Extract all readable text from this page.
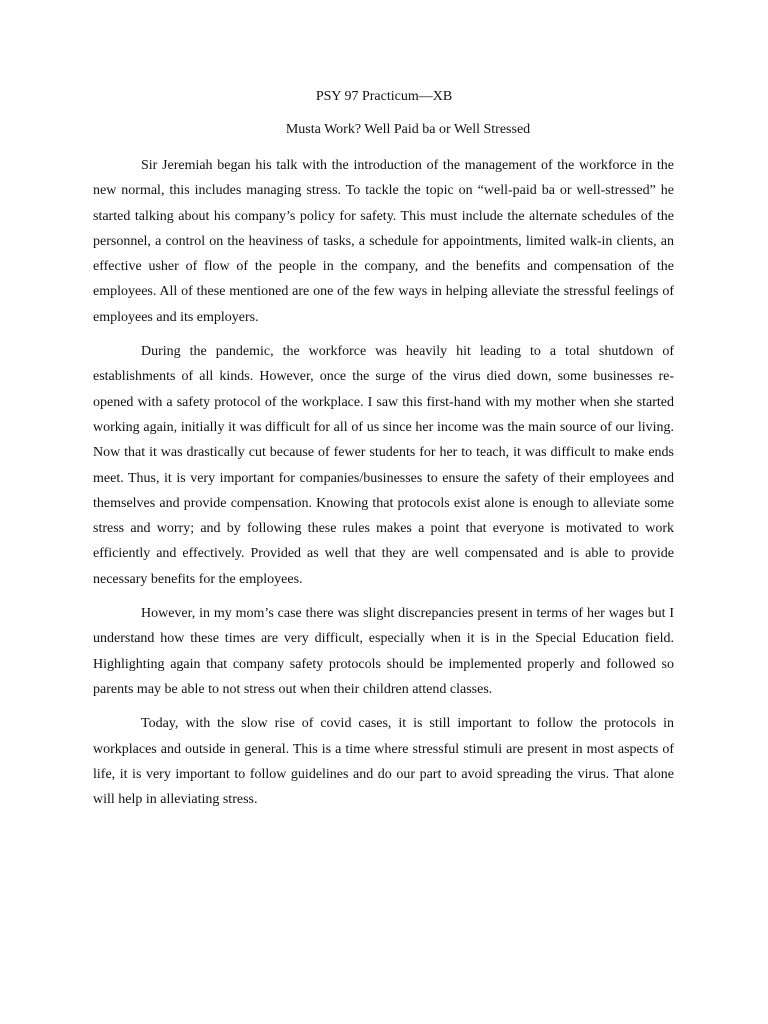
PSY 97 Practicum—XB
Musta Work? Well Paid ba or Well Stressed

Sir Jeremiah began his talk with the introduction of the management of the workforce in the new normal, this includes managing stress. To tackle the topic on “well-paid ba or well-stressed” he started talking about his company’s policy for safety. This must include the alternate schedules of the personnel, a control on the heaviness of tasks, a schedule for appointments, limited walk-in clients, an effective usher of flow of the people in the company, and the benefits and compensation of the employees. All of these mentioned are one of the few ways in helping alleviate the stressful feelings of employees and its employers.

During the pandemic, the workforce was heavily hit leading to a total shutdown of establishments of all kinds. However, once the surge of the virus died down, some businesses re-opened with a safety protocol of the workplace. I saw this first-hand with my mother when she started working again, initially it was difficult for all of us since her income was the main source of our living. Now that it was drastically cut because of fewer students for her to teach, it was difficult to make ends meet. Thus, it is very important for companies/businesses to ensure the safety of their employees and themselves and provide compensation. Knowing that protocols exist alone is enough to alleviate some stress and worry; and by following these rules makes a point that everyone is motivated to work efficiently and effectively. Provided as well that they are well compensated and is able to provide necessary benefits for the employees.

However, in my mom’s case there was slight discrepancies present in terms of her wages but I understand how these times are very difficult, especially when it is in the Special Education field. Highlighting again that company safety protocols should be implemented properly and followed so parents may be able to not stress out when their children attend classes.

Today, with the slow rise of covid cases, it is still important to follow the protocols in workplaces and outside in general. This is a time where stressful stimuli are present in most aspects of life, it is very important to follow guidelines and do our part to avoid spreading the virus. That alone will help in alleviating stress.
